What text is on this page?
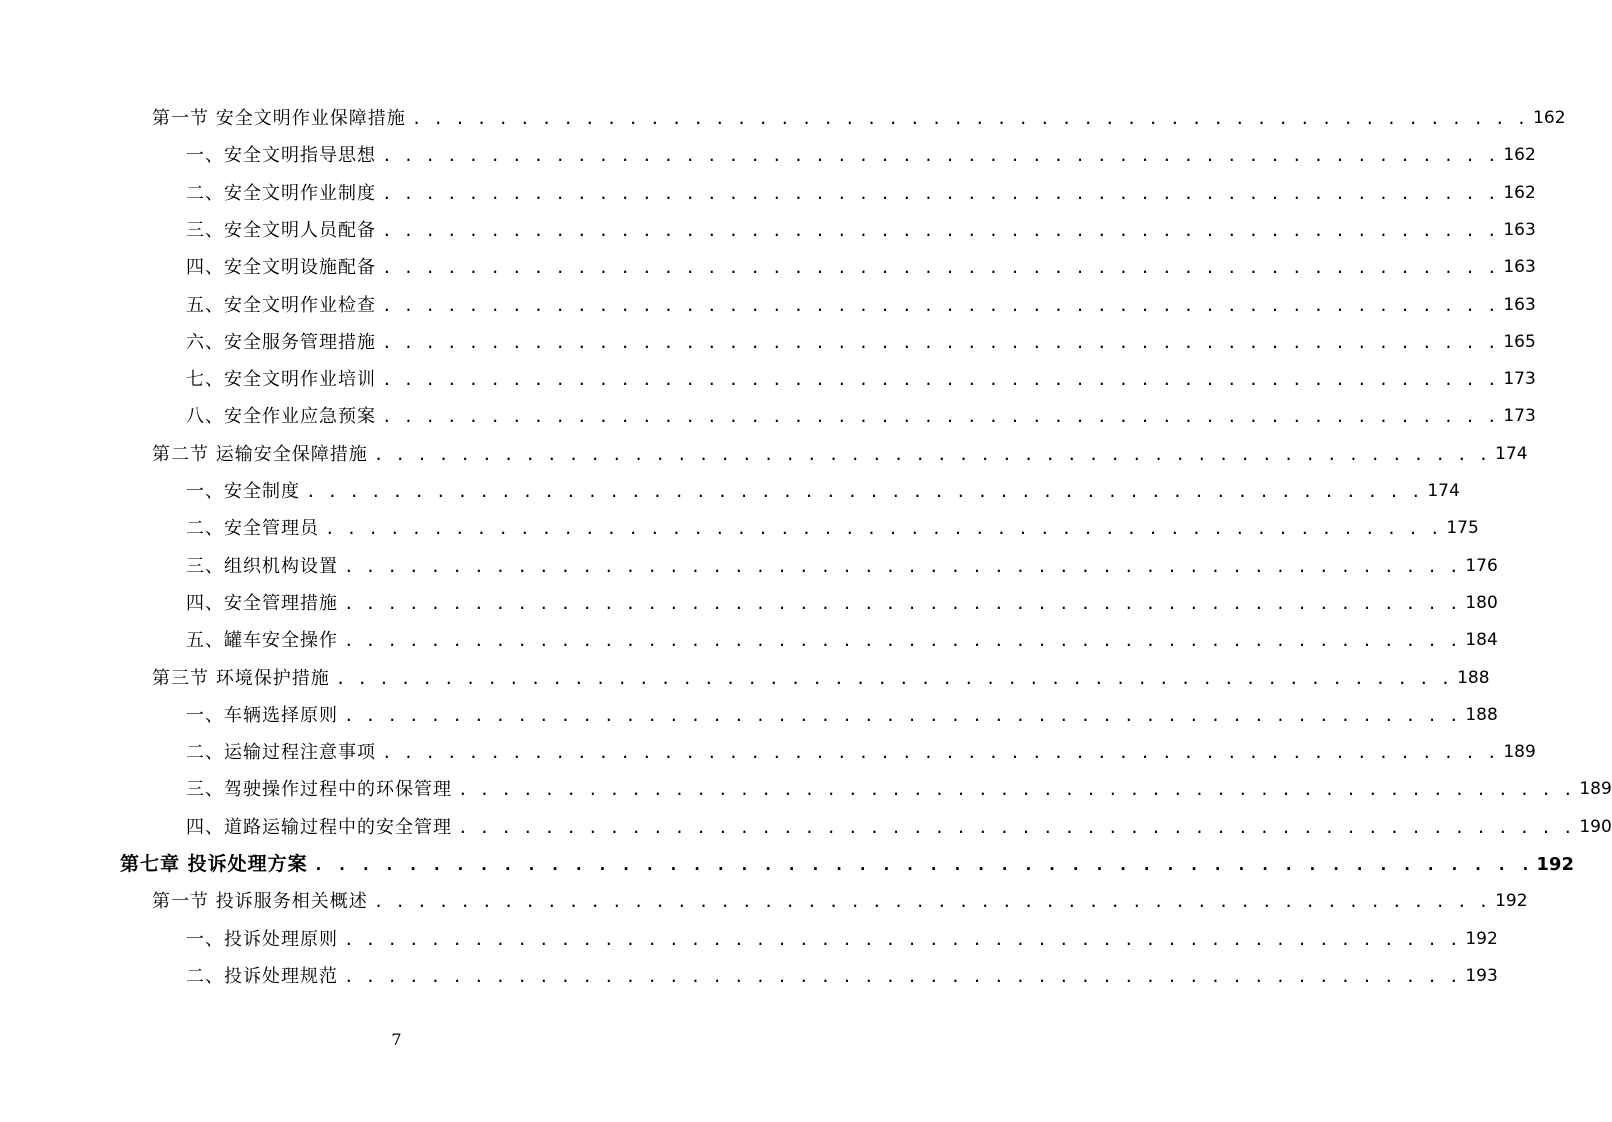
第一节 安全文明作业保障措施 . . . . . . . . . . . . . . . . . . . . . . . . . . . . . . . . . . . . . . . . . . . . . . . . . . . . 162
一、安全文明指导思想 . . . . . . . . . . . . . . . . . . . . . . . . . . . . . . . . . . . . . . . . . . . . . . . . . . . . 162
二、安全文明作业制度 . . . . . . . . . . . . . . . . . . . . . . . . . . . . . . . . . . . . . . . . . . . . . . . . . . . . 162
三、安全文明人员配备 . . . . . . . . . . . . . . . . . . . . . . . . . . . . . . . . . . . . . . . . . . . . . . . . . . . . 163
四、安全文明设施配备 . . . . . . . . . . . . . . . . . . . . . . . . . . . . . . . . . . . . . . . . . . . . . . . . . . . . 163
五、安全文明作业检查 . . . . . . . . . . . . . . . . . . . . . . . . . . . . . . . . . . . . . . . . . . . . . . . . . . . . 163
六、安全服务管理措施 . . . . . . . . . . . . . . . . . . . . . . . . . . . . . . . . . . . . . . . . . . . . . . . . . . . . 165
七、安全文明作业培训 . . . . . . . . . . . . . . . . . . . . . . . . . . . . . . . . . . . . . . . . . . . . . . . . . . . . 173
八、安全作业应急预案 . . . . . . . . . . . . . . . . . . . . . . . . . . . . . . . . . . . . . . . . . . . . . . . . . . . . 173
第二节 运输安全保障措施 . . . . . . . . . . . . . . . . . . . . . . . . . . . . . . . . . . . . . . . . . . . . . . . . . . . . 174
一、安全制度 . . . . . . . . . . . . . . . . . . . . . . . . . . . . . . . . . . . . . . . . . . . . . . . . . . . . 174
二、安全管理员 . . . . . . . . . . . . . . . . . . . . . . . . . . . . . . . . . . . . . . . . . . . . . . . . . . . . 175
三、组织机构设置 . . . . . . . . . . . . . . . . . . . . . . . . . . . . . . . . . . . . . . . . . . . . . . . . . . . . 176
四、安全管理措施 . . . . . . . . . . . . . . . . . . . . . . . . . . . . . . . . . . . . . . . . . . . . . . . . . . . . 180
五、罐车安全操作 . . . . . . . . . . . . . . . . . . . . . . . . . . . . . . . . . . . . . . . . . . . . . . . . . . . . 184
第三节 环境保护措施 . . . . . . . . . . . . . . . . . . . . . . . . . . . . . . . . . . . . . . . . . . . . . . . . . . . . 188
一、车辆选择原则 . . . . . . . . . . . . . . . . . . . . . . . . . . . . . . . . . . . . . . . . . . . . . . . . . . . . 188
二、运输过程注意事项 . . . . . . . . . . . . . . . . . . . . . . . . . . . . . . . . . . . . . . . . . . . . . . . . . . . . 189
三、驾驶操作过程中的环保管理 . . . . . . . . . . . . . . . . . . . . . . . . . . . . . . . . . . . . . . . . . . . . . . . . . . . . 189
四、道路运输过程中的安全管理 . . . . . . . . . . . . . . . . . . . . . . . . . . . . . . . . . . . . . . . . . . . . . . . . . . . . 190
第七章 投诉处理方案 . . . . . . . . . . . . . . . . . . . . . . . . . . . . . . . . . . . . . . . . . . . . . . . . . . . . 192
第一节 投诉服务相关概述 . . . . . . . . . . . . . . . . . . . . . . . . . . . . . . . . . . . . . . . . . . . . . . . . . . . . 192
一、投诉处理原则 . . . . . . . . . . . . . . . . . . . . . . . . . . . . . . . . . . . . . . . . . . . . . . . . . . . . 192
二、投诉处理规范 . . . . . . . . . . . . . . . . . . . . . . . . . . . . . . . . . . . . . . . . . . . . . . . . . . . . 193
7
